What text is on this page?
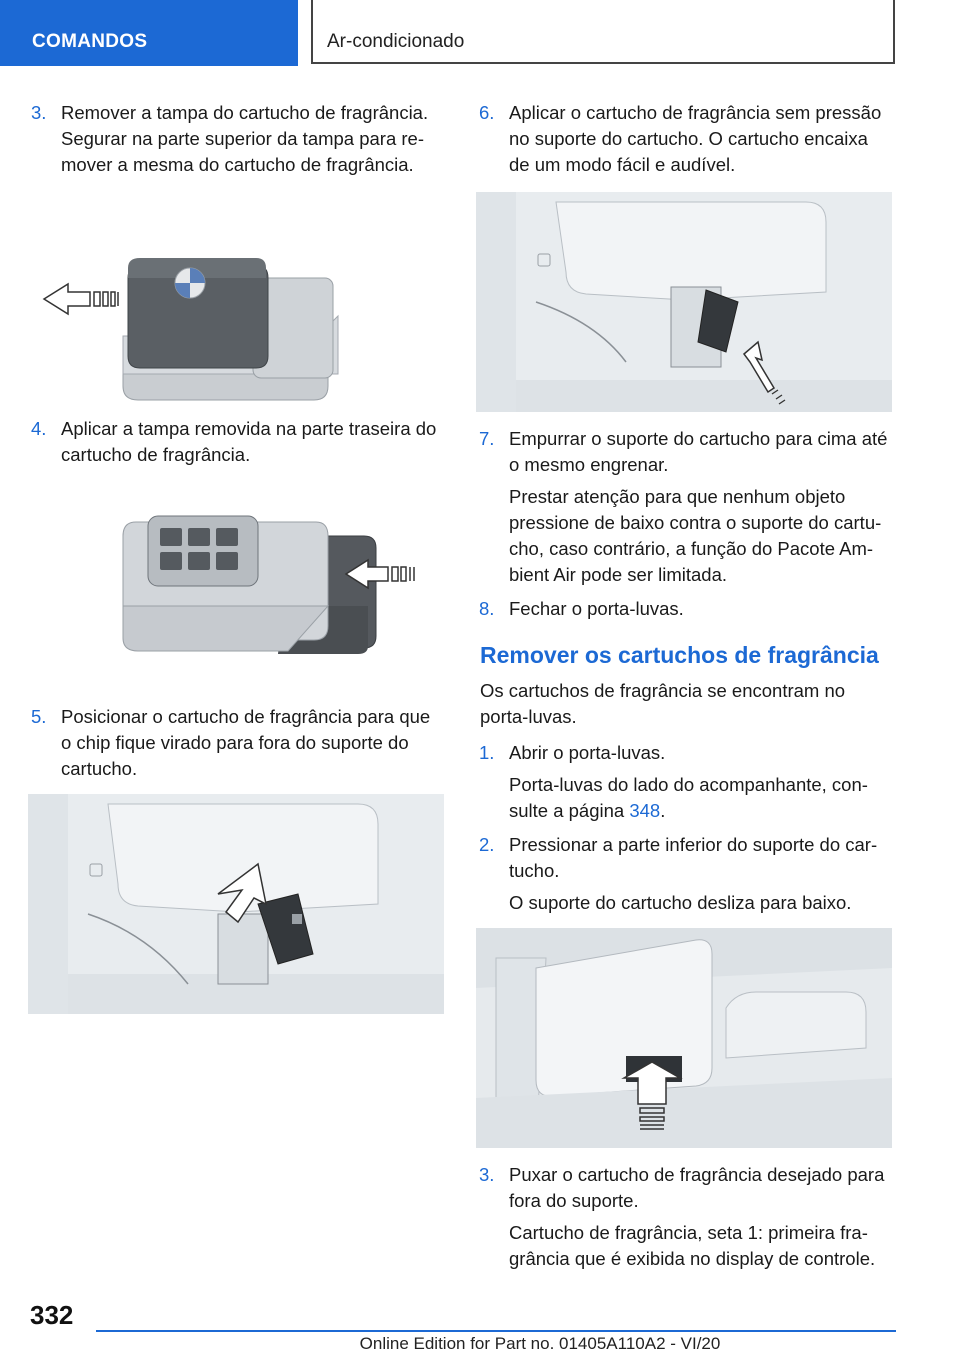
COMANDOS	Ar-condicionado
3. Remover a tampa do cartucho de fragrância. Segurar na parte superior da tampa para re-mover a mesma do cartucho de fragrância.
4. Aplicar a tampa removida na parte traseira do cartucho de fragrância.
5. Posicionar o cartucho de fragrância para que o chip fique virado para fora do suporte do cartucho.
6. Aplicar o cartucho de fragrância sem pressão no suporte do cartucho. O cartucho encaixa de um modo fácil e audível.
7. Empurrar o suporte do cartucho para cima até o mesmo engrenar.
Prestar atenção para que nenhum objeto pressione de baixo contra o suporte do cartu-cho, caso contrário, a função do Pacote Am-bient Air pode ser limitada.
8. Fechar o porta-luvas.
Remover os cartuchos de fragrância
Os cartuchos de fragrância se encontram no porta-luvas.
1. Abrir o porta-luvas.
Porta-luvas do lado do acompanhante, con-sulte a página 348.
2. Pressionar a parte inferior do suporte do car-tucho.
O suporte do cartucho desliza para baixo.
3. Puxar o cartucho de fragrância desejado para fora do suporte.
Cartucho de fragrância, seta 1: primeira fra-grância que é exibida no display de controle.
332
Online Edition for Part no. 01405A110A2 - VI/20
